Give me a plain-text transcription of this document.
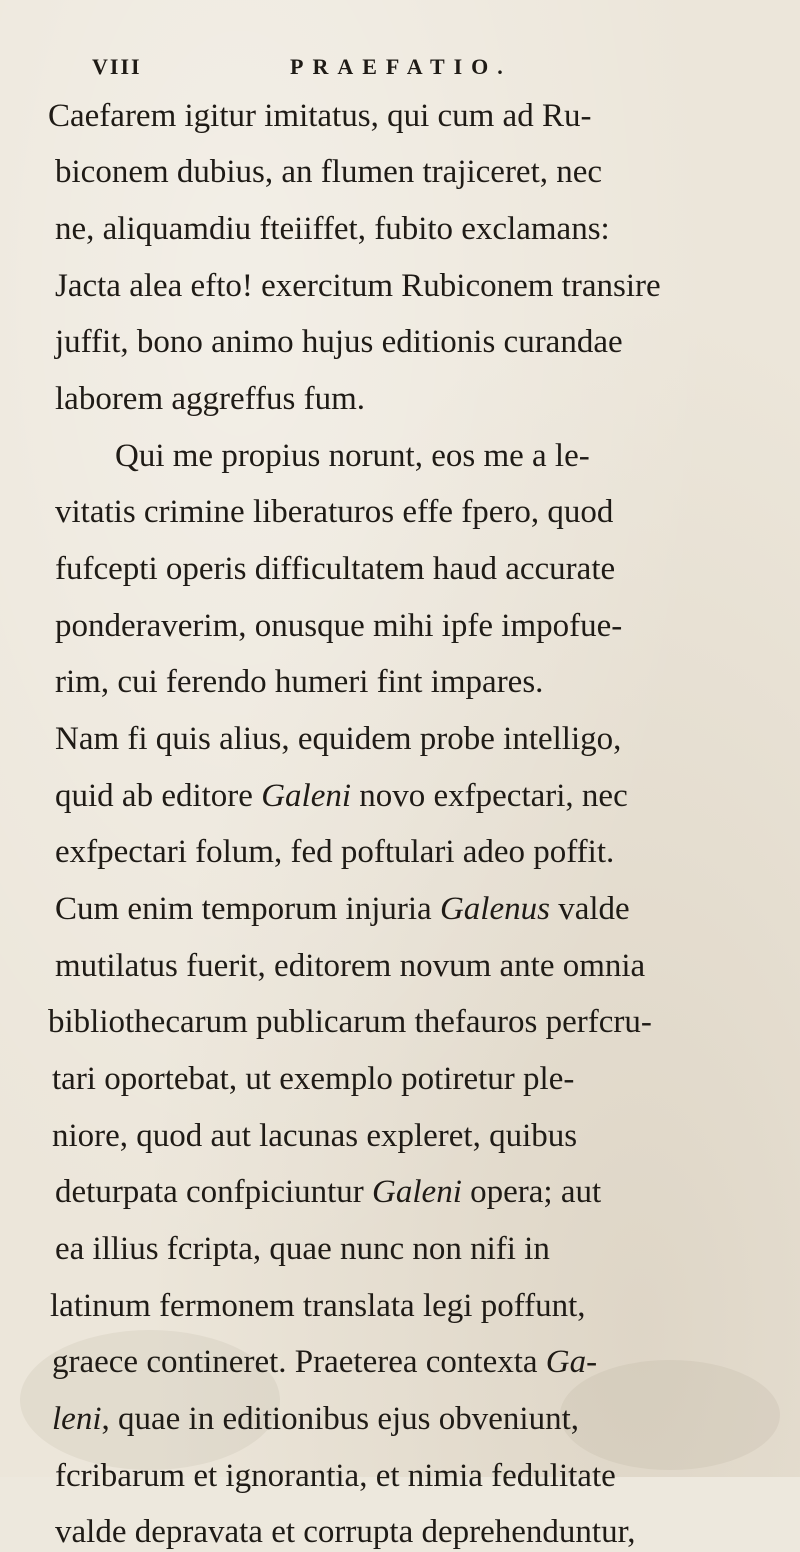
VIII	PRAEFATIO.
Caefarem igitur imitatus, qui cum ad Ru-
biconem dubius, an flumen trajiceret, nec
ne, aliquamdiu fteiiffet, fubito exclamans:
Jacta alea efto! exercitum Rubiconem transire
juffit, bono animo hujus editionis curandae
laborem aggreffus fum.
Qui me propius norunt, eos me a le-
vitatis crimine liberaturos effe fpero, quod
fufcepti operis difficultatem haud accurate
ponderaverim, onusque mihi ipfe impofue-
rim, cui ferendo humeri fint impares.
Nam fi quis alius, equidem probe intelligo,
quid ab editore Galeni novo exfpectari, nec
exfpectari folum, fed poftulari adeo poffit.
Cum enim temporum injuria Galenus valde
mutilatus fuerit, editorem novum ante omnia
bibliothecarum publicarum thefauros perfcru-
tari oportebat, ut exemplo potiretur ple-
niore, quod aut lacunas expleret, quibus
deturpata confpiciuntur Galeni opera; aut
ea illius fcripta, quae nunc non nifi in
latinum fermonem translata legi poffunt,
graece contineret. Praeterea contexta Ga-
leni, quae in editionibus ejus obveniunt,
fcribarum et ignorantia, et nimia fedulitate
valde depravata et corrupta deprehenduntur,
